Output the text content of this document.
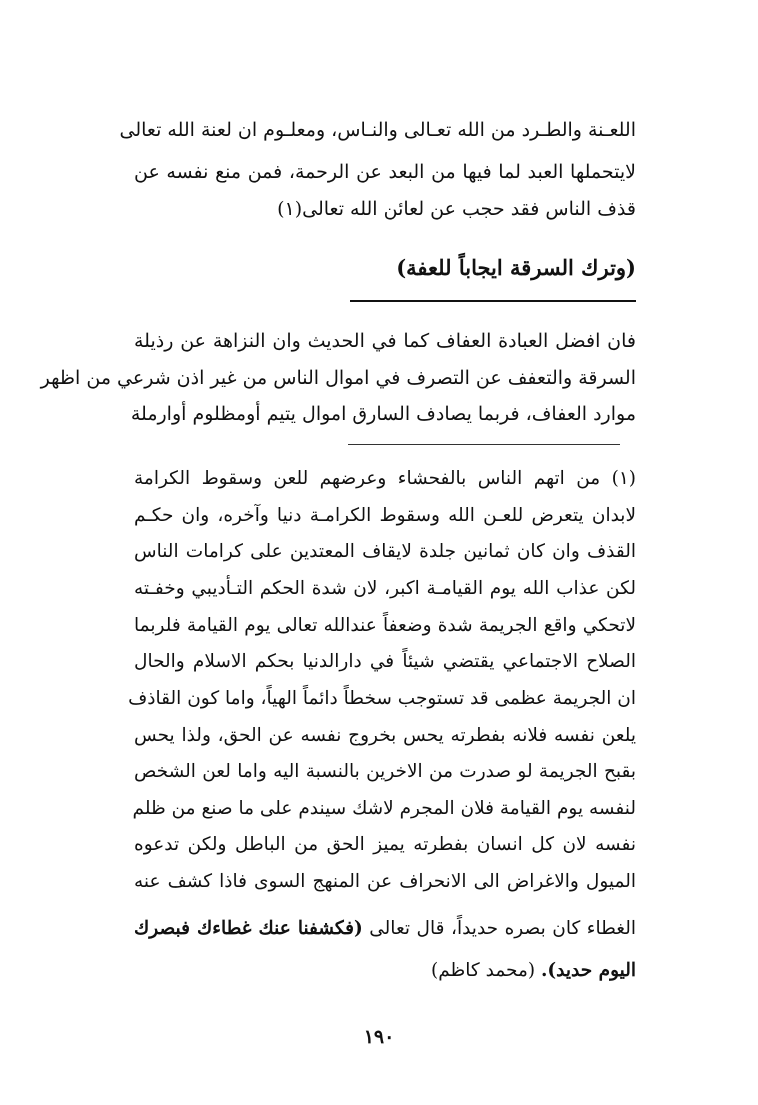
اللعـنة والطـرد من الله تعـالى والنـاس، ومعلـوم ان لعنة الله تعالى
لايتحملها العبد لما فيها من البعد عن الرحمة، فمن منع نفسه عن
قذف الناس فقد حجب عن لعائن الله تعالى(١)
(وترك السرقة ايجاباً للعفة)
فان افضل العبادة العفاف كما في الحديث وان النزاهة عن رذيلة
السرقة والتعفف عن التصرف في اموال الناس من غير اذن شرعي من اظهر
موارد العفاف، فربما يصادف السارق اموال يتيم أومظلوم أوارملة
(١) من اتهم الناس بالفحشاء وعرضهم للعن وسقوط الكرامة
لابدان يتعرض للعـن الله وسقوط الكرامـة دنيا وآخره، وان حكـم
القذف وان كان ثمانين جلدة لايقاف المعتدين على كرامات الناس
لكن عذاب الله يوم القيامـة اكبر، لان شدة الحكم التـأديبي وخفـته
لاتحكي واقع الجريمة شدة وضعفاً عندالله تعالى يوم القيامة فلربما
الصلاح الاجتماعي يقتضي شيئاً في دارالدنيا بحكم الاسلام والحال
ان الجريمة عظمى قد تستوجب سخطاً دائماً الهياً، واما كون القاذف
يلعن نفسه فلانه بفطرته يحس بخروج نفسه عن الحق، ولذا يحس
بقبح الجريمة لو صدرت من الاخرين بالنسبة اليه واما لعن الشخص
لنفسه يوم القيامة فلان المجرم لاشك سيندم على ما صنع من ظلم
نفسه لان كل انسان بفطرته يميز الحق من الباطل ولكن تدعوه
الميول والاغراض الى الانحراف عن المنهج السوى فاذا كشف عنه
الغطاء كان بصره حديداً، قال تعالى (فكشفنا عنك غطاءك فبصرك
اليوم حديد). (محمد كاظم)
١٩٠
